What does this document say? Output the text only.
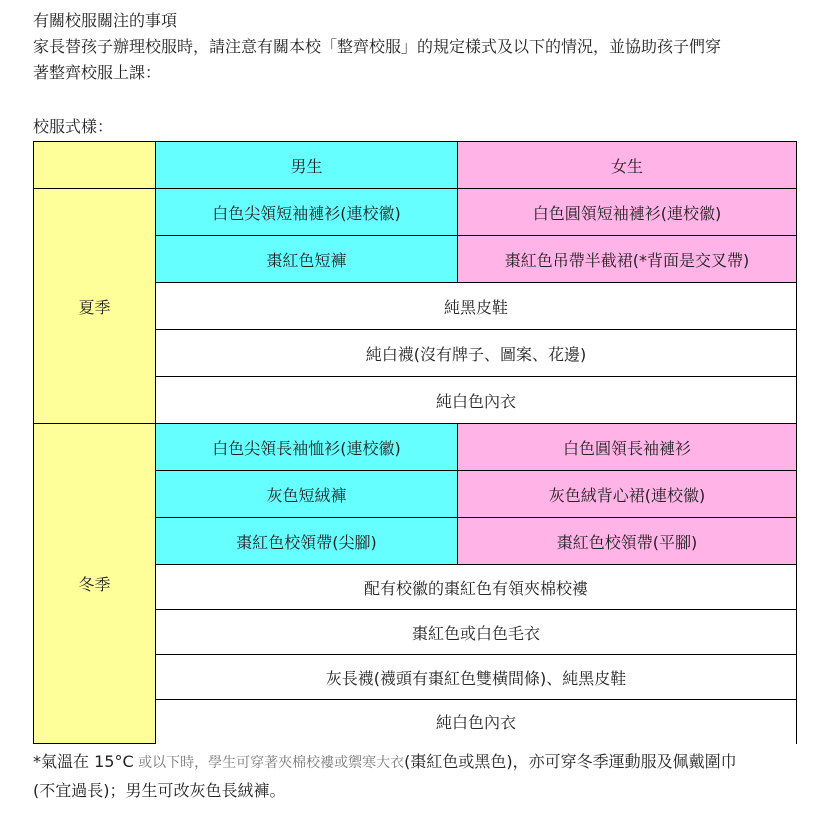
有關校服關注的事項

家長替孩子辦理校服時，請注意有關本校「整齊校服」的規定樣式及以下的情況，並協助孩子們穿

著整齊校服上課：

校服式樣：
	男生	女生
夏季	白色尖領短袖褳衫(連校徽)	白色圓領短袖褳衫(連校徽)
	棗紅色短褲	棗紅色吊帶半截裙(*背面是交叉帶)
	純黑皮鞋	
	純白襪(沒有牌子、圖案、花邊)	
	純白色內衣	
冬季	白色尖領長袖恤衫(連校徽)	白色圓領長袖褳衫
	灰色短絨褲	灰色絨背心裙(連校徽)
	棗紅色校領帶(尖腳)	棗紅色校領帶(平腳)
	配有校徽的棗紅色有領夾棉校褸	
	棗紅色或白色毛衣	
	灰長襪(襪頭有棗紅色雙橫間條)、純黑皮鞋	
	純白色內衣	
*氣溫在 15°C 或以下時，學生可穿著夾棉校褸或禦寒大衣(棗紅色或黑色)，亦可穿冬季運動服及佩戴圍巾
(不宜過長)；男生可改灰色長絨褲。
